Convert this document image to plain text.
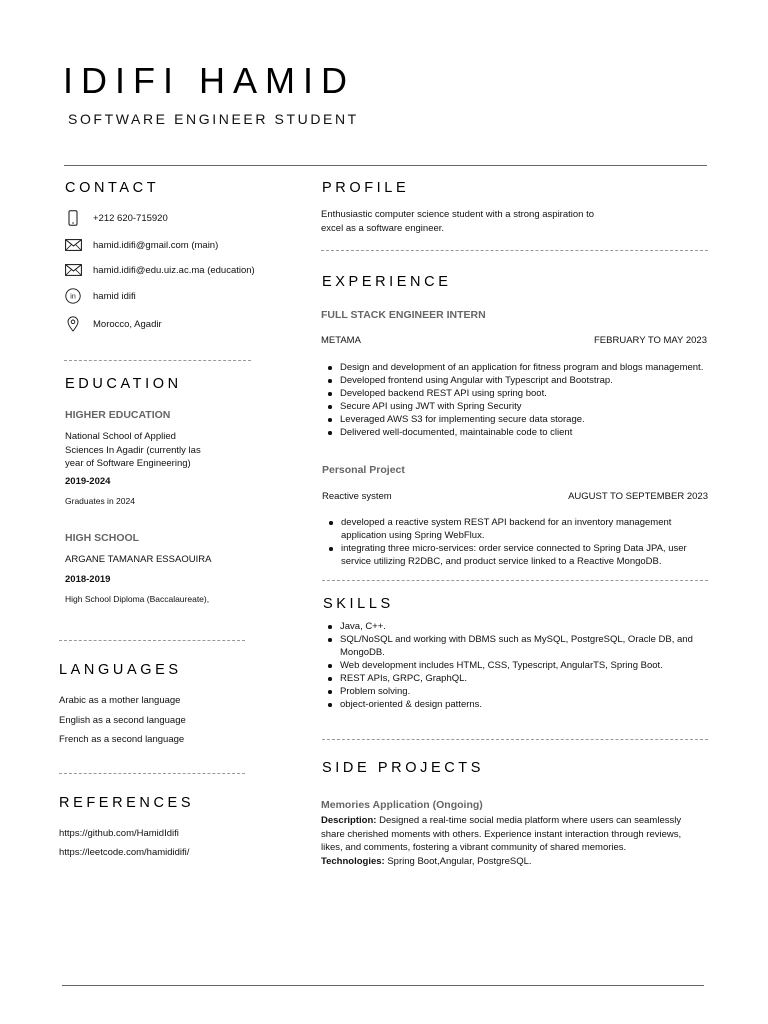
IDIFI HAMID
SOFTWARE ENGINEER STUDENT
CONTACT
+212 620-715920
hamid.idifi@gmail.com (main)
hamid.idifi@edu.uiz.ac.ma (education)
in hamid idifi
Morocco, Agadir
EDUCATION
HIGHER EDUCATION
National School of Applied
Sciences In Agadir (currently las
year of Software Engineering)
2019-2024
Graduates in 2024
HIGH SCHOOL
ARGANE TAMANAR ESSAOUIRA
2018-2019
High School Diploma (Baccalaureate),
LANGUAGES
Arabic as a mother language
English as a second language
French as a second language
REFERENCES
https://github.com/HamidIdifi
https://leetcode.com/hamididifi/
PROFILE
Enthusiastic computer science student with a strong aspiration to
excel as a software engineer.
EXPERIENCE
FULL STACK ENGINEER INTERN
METAMA	FEBRUARY TO MAY 2023
Design and development of an application for fitness program and blogs management.
Developed frontend using Angular with Typescript and Bootstrap.
Developed backend REST API using spring boot.
Secure API using JWT with Spring Security
Leveraged AWS S3 for implementing secure data storage.
Delivered well-documented, maintainable code to client
Personal Project
Reactive system	AUGUST TO SEPTEMBER 2023
developed a reactive system REST API backend for an inventory management application using Spring WebFlux.
integrating three micro-services: order service connected to Spring Data JPA, user service utilizing R2DBC, and product service linked to a Reactive MongoDB.
SKILLS
Java, C++.
SQL/NoSQL and working with DBMS such as MySQL, PostgreSQL, Oracle DB, and MongoDB.
Web development includes HTML, CSS, Typescript, AngularTS, Spring Boot.
REST APIs, GRPC, GraphQL.
Problem solving.
object-oriented & design patterns.
SIDE PROJECTS
Memories Application (Ongoing)
Description: Designed a real-time social media platform where users can seamlessly
share cherished moments with others. Experience instant interaction through reviews,
likes, and comments, fostering a vibrant community of shared memories.
Technologies: Spring Boot,Angular, PostgreSQL.
